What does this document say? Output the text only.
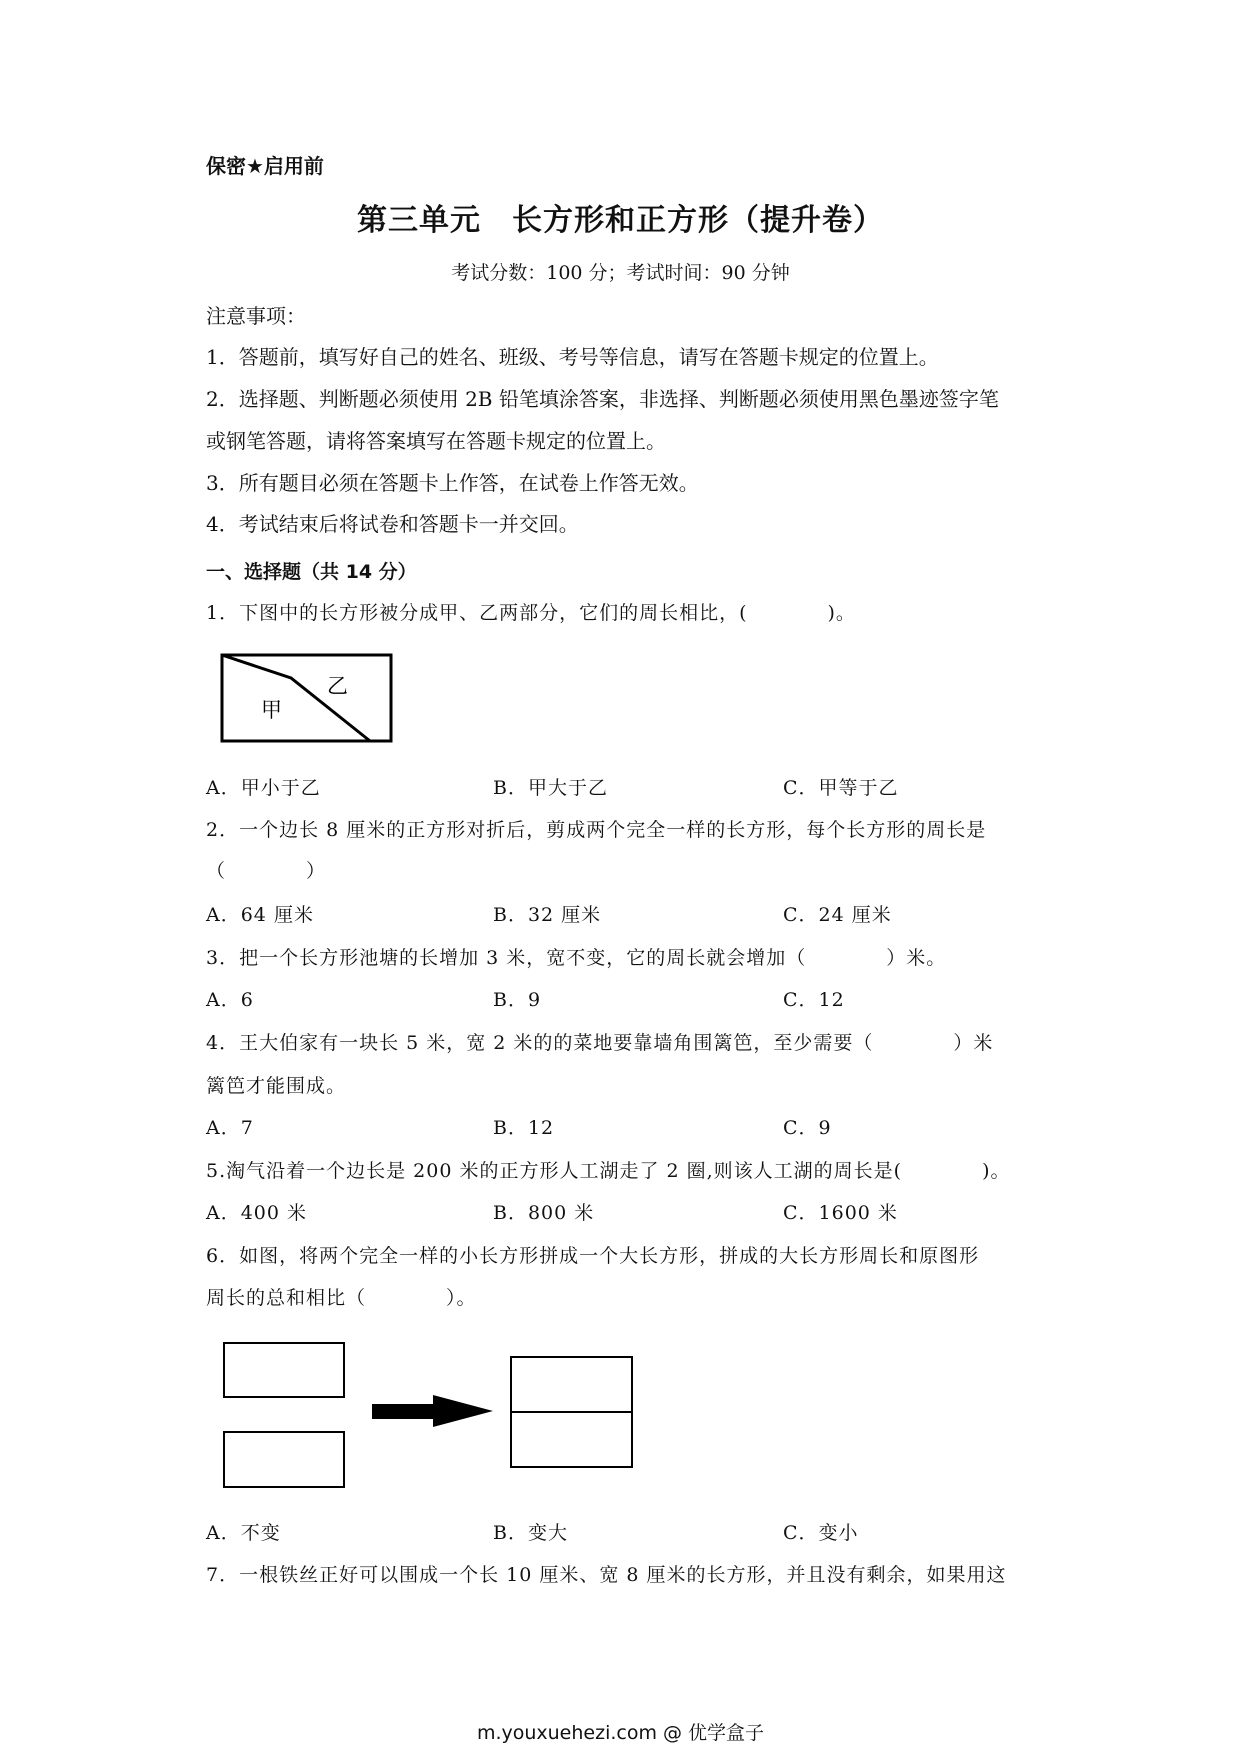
保密★启用前
第三单元　长方形和正方形（提升卷）
考试分数：100 分；考试时间：90 分钟
注意事项：
1．答题前，填写好自己的姓名、班级、考号等信息，请写在答题卡规定的位置上。
2．选择题、判断题必须使用 2B 铅笔填涂答案，非选择、判断题必须使用黑色墨迹签字笔
或钢笔答题，请将答案填写在答题卡规定的位置上。
3．所有题目必须在答题卡上作答，在试卷上作答无效。
4．考试结束后将试卷和答题卡一并交回。
一、选择题（共 14 分）
1．下图中的长方形被分成甲、乙两部分，它们的周长相比，(　　　　)。
甲
乙
A．甲小于乙	B．甲大于乙	C．甲等于乙
2．一个边长 8 厘米的正方形对折后，剪成两个完全一样的长方形，每个长方形的周长是
（　　　　）
A．64 厘米	B．32 厘米	C．24 厘米
3．把一个长方形池塘的长增加 3 米，宽不变，它的周长就会增加（　　　　）米。
A．6	B．9	C．12
4．王大伯家有一块长 5 米，宽 2 米的的菜地要靠墙角围篱笆，至少需要（　　　　）米
篱笆才能围成。
A．7	B．12	C．9
5.淘气沿着一个边长是 200 米的正方形人工湖走了 2 圈,则该人工湖的周长是(　　　　)。
A．400 米	B．800 米	C．1600 米
6．如图，将两个完全一样的小长方形拼成一个大长方形，拼成的大长方形周长和原图形
周长的总和相比（　　　　）。
A．不变	B．变大	C．变小
7．一根铁丝正好可以围成一个长 10 厘米、宽 8 厘米的长方形，并且没有剩余，如果用这
m.youxuehezi.com @ 优学盒子
